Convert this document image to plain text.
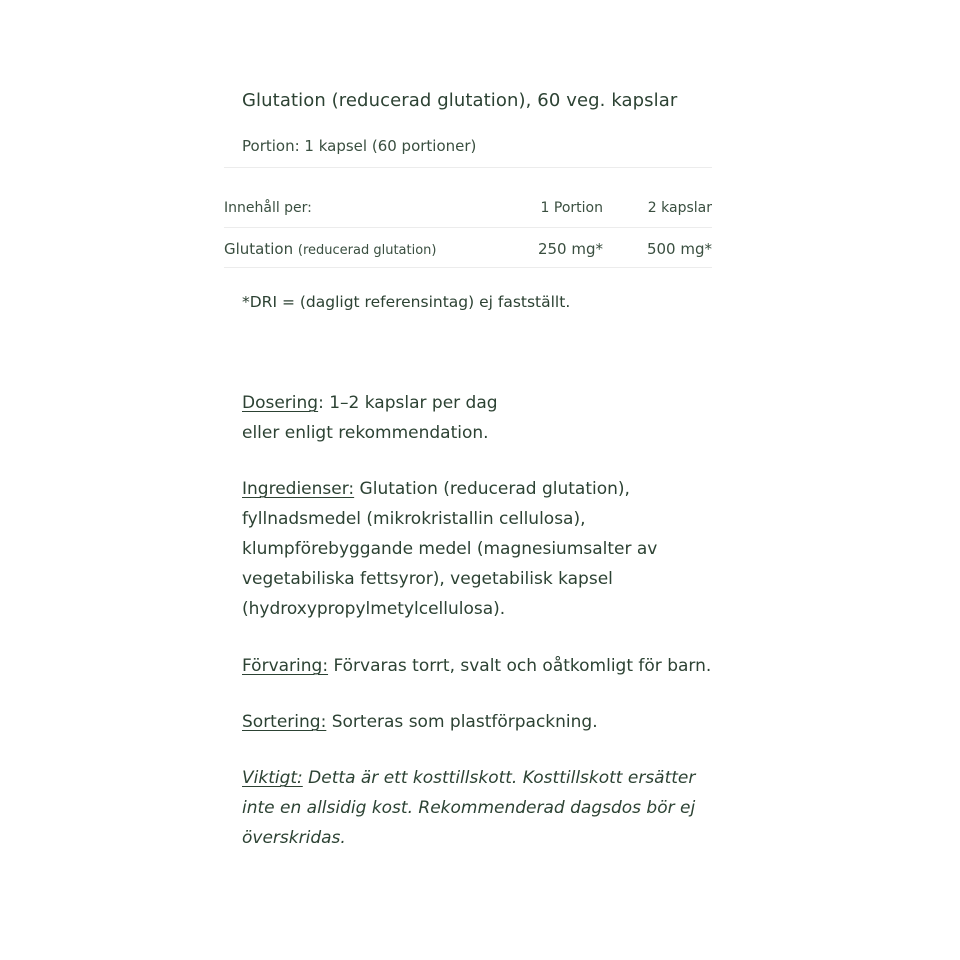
Glutation (reducerad glutation), 60 veg. kapslar
Portion: 1 kapsel (60 portioner)
Innehåll per:	1 Portion	2 kapslar
Glutation (reducerad glutation)	250 mg*	500 mg*
*DRI = (dagligt referensintag) ej fastställt.
Dosering: 1–2 kapslar per dag
eller enligt rekommendation.
Ingredienser: Glutation (reducerad glutation),
fyllnadsmedel (mikrokristallin cellulosa),
klumpförebyggande medel (magnesiumsalter av
vegetabiliska fettsyror), vegetabilisk kapsel
(hydroxypropylmetylcellulosa).
Förvaring: Förvaras torrt, svalt och oåtkomligt för barn.
Sortering: Sorteras som plastförpackning.
Viktigt: Detta är ett kosttillskott. Kosttillskott ersätter
inte en allsidig kost. Rekommenderad dagsdos bör ej
överskridas.
